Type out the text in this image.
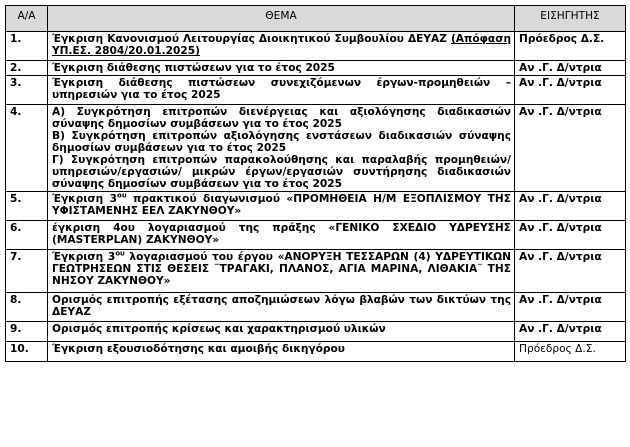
Α/Α	ΘΕΜΑ	ΕΙΣΗΓΗΤΗΣ
1.	Έγκριση Κανονισμού Λειτουργίας Διοικητικού Συμβουλίου ΔΕΥΑΖ (Απόφαση ΥΠ.ΕΣ. 2804/20.01.2025)	Πρόεδρος Δ.Σ.
2.	Έγκριση διάθεσης πιστώσεων για το έτος 2025	Αν .Γ. Δ/ντρια
3.	Έγκριση διάθεσης πιστώσεων συνεχιζόμενων έργων-προμηθειών –υπηρεσιών για το έτος 2025	Αν .Γ. Δ/ντρια
4.	Α) Συγκρότηση επιτροπών διενέργειας και αξιολόγησης διαδικασιών σύναψης δημοσίων συμβάσεων για το έτος 2025
Β) Συγκρότηση επιτροπών αξιολόγησης ενστάσεων διαδικασιών σύναψης δημοσίων συμβάσεων για το έτος 2025
Γ) Συγκρότηση επιτροπών παρακολούθησης και παραλαβής προμηθειών/υπηρεσιών/εργασιών/ μικρών έργων/εργασιών συντήρησης διαδικασιών σύναψης δημοσίων συμβάσεων για το έτος 2025	Αν .Γ. Δ/ντρια
5.	Έγκριση $3^{o\upsilon}$ πρακτικού διαγωνισμού «ΠΡΟΜΗΘΕΙΑ Η/Μ ΕΞΟΠΛΙΣΜΟΥ ΤΗΣ ΥΦΙΣΤΑΜΕΝΗΣ ΕΕΛ ΖΑΚΥΝΘΟΥ»	Αν .Γ. Δ/ντρια
6.	έγκριση 4ου λογαριασμού της πράξης «ΓΕΝΙΚΟ ΣΧΕΔΙΟ ΥΔΡΕΥΣΗΣ (MASTERPLAN) ΖΑΚΥΝΘΟΥ»	Αν .Γ. Δ/ντρια
7.	Έγκριση $3^{o\upsilon}$ λογαριασμού του έργου «ΑΝΟΡΥΞΗ ΤΕΣΣΑΡΩΝ (4) ΥΔΡΕΥΤΙΚΩΝ ΓΕΩΤΡΗΣΕΩΝ ΣΤΙΣ ΘΕΣΕΙΣ ¨ΤΡΑΓΑΚΙ, ΠΛΑΝΟΣ, ΑΓΙΑ ΜΑΡΙΝΑ, ΛΙΘΑΚΙΑ¨ ΤΗΣ ΝΗΣΟΥ ΖΑΚΥΝΘΟΥ»	Αν .Γ. Δ/ντρια
8.	Ορισμός επιτροπής εξέτασης αποζημιώσεων λόγω βλαβών των δικτύων της ΔΕΥΑΖ	Αν .Γ. Δ/ντρια
9.	Ορισμός επιτροπής κρίσεως και χαρακτηρισμού υλικών	Αν .Γ. Δ/ντρια
10.	Έγκριση εξουσιοδότησης και αμοιβής δικηγόρου	Πρόεδρος Δ.Σ.
